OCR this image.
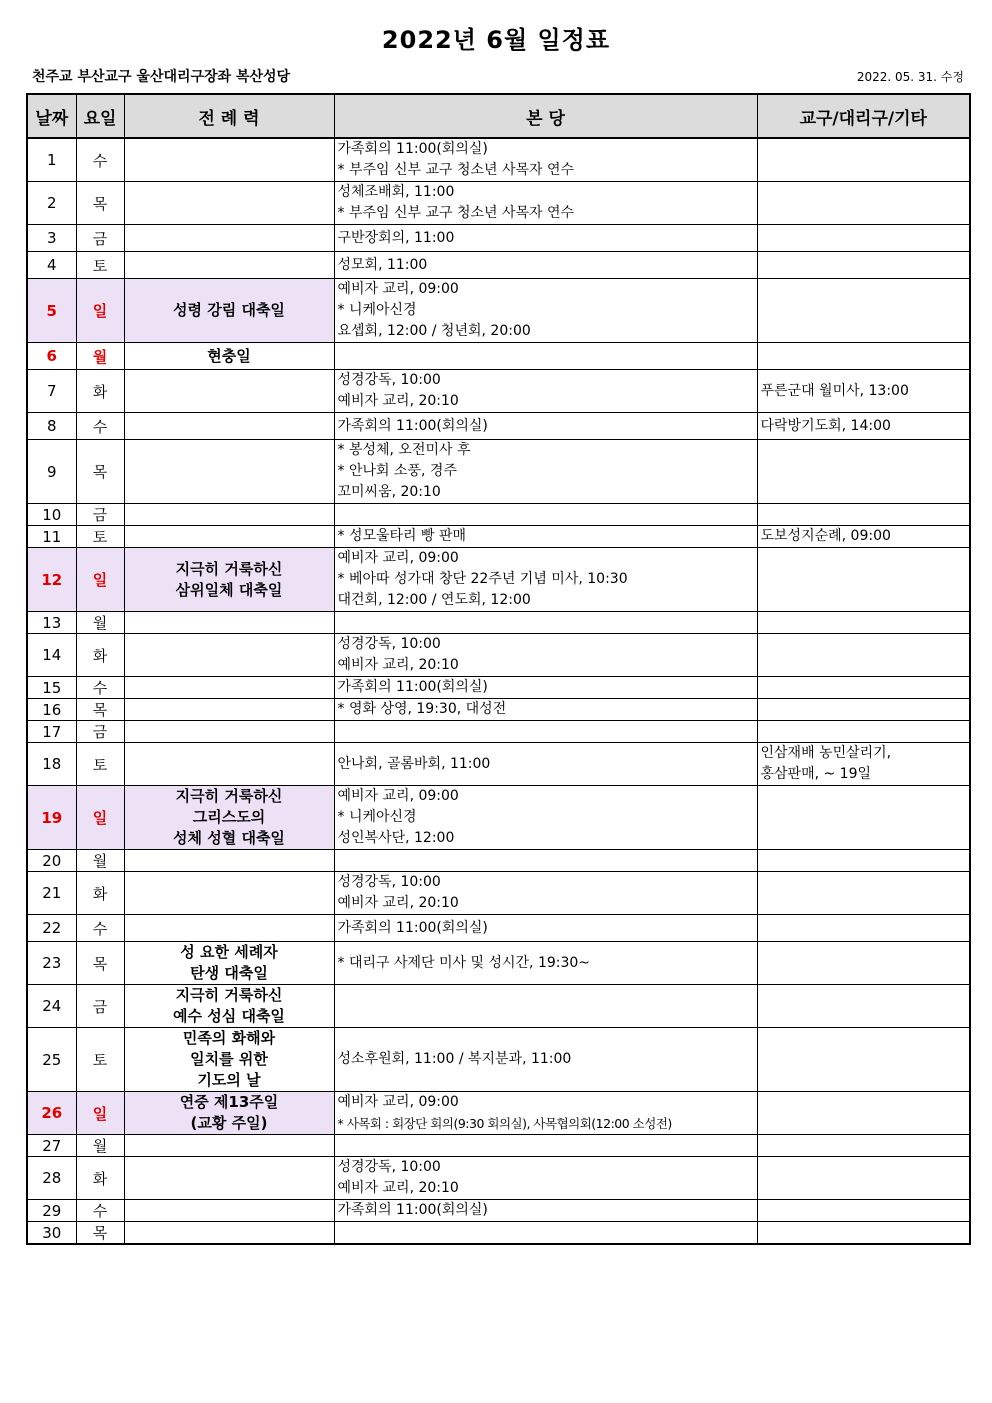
2022년 6월 일정표
천주교 부산교구 울산대리구장좌 복산성당	2022. 05. 31. 수정
날짜	요일	전 례 력	본 당	교구/대리구/기타
1	수		가족회의 11:00(회의실)
* 부주임 신부 교구 청소년 사목자 연수	

2	목		성체조배회, 11:00
* 부주임 신부 교구 청소년 사목자 연수	

3	금		구반장회의, 11:00	

4	토		성모회, 11:00	

5	일	성령 강림 대축일	예비자 교리, 09:00
* 니케아신경
요셉회, 12:00 / 청년회, 20:00	

6	월	현충일		

7	화		성경강독, 10:00
예비자 교리, 20:10	푸른군대 월미사, 13:00

8	수		가족회의 11:00(회의실)	다락방기도회, 14:00

9	목		* 봉성체, 오전미사 후
* 안나회 소풍, 경주
꼬미씨움, 20:10	

10	금			
11	토		* 성모울타리 빵 판매	도보성지순례, 09:00

12	일	지극히 거룩하신
삼위일체 대축일	예비자 교리, 09:00
* 베아따 성가대 창단 22주년 기념 미사, 10:30
대건회, 12:00 / 연도회, 12:00	

13	월			
14	화		성경강독, 10:00
예비자 교리, 20:10	

15	수		가족회의 11:00(회의실)	

16	목		* 영화 상영, 19:30, 대성전	

17	금			
18	토		안나회, 골롬바회, 11:00	인삼재배 농민살리기,
홍삼판매, ~ 19일

19	일	지극히 거룩하신
그리스도의
성체 성혈 대축일	예비자 교리, 09:00
* 니케아신경
성인복사단, 12:00	

20	월			
21	화		성경강독, 10:00
예비자 교리, 20:10	

22	수		가족회의 11:00(회의실)	

23	목	성 요한 세례자
탄생 대축일	* 대리구 사제단 미사 및 성시간, 19:30~	

24	금	지극히 거룩하신
예수 성심 대축일		

25	토	민족의 화해와
일치를 위한
기도의 날	성소후원회, 11:00 / 복지분과, 11:00	

26	일	연중 제13주일
(교황 주일)	예비자 교리, 09:00
* 사목회 : 회장단 회의(9:30 회의실), 사목협의회(12:00 소성전)	

27	월			
28	화		성경강독, 10:00
예비자 교리, 20:10	

29	수		가족회의 11:00(회의실)	

30	목			
